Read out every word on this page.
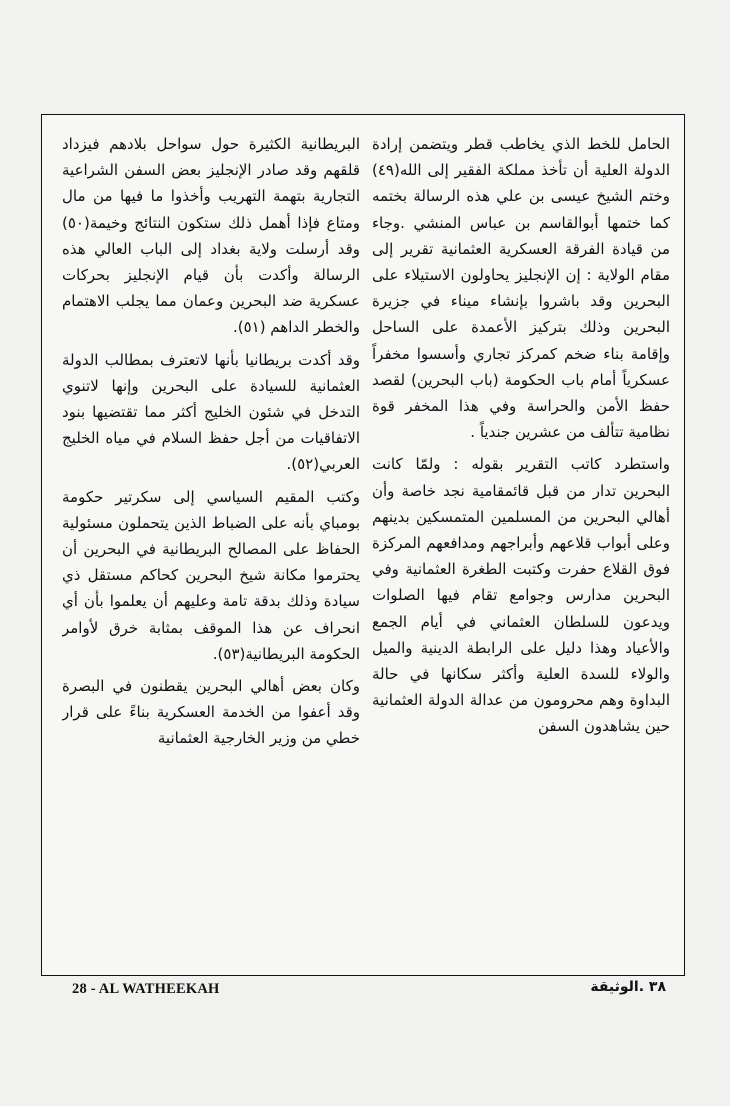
الحامل للخط الذي يخاطب قطر ويتضمن إرادة الدولة العلية أن تأخذ مملكة الفقير إلى الله(٤٩) وختم الشيخ عيسى بن علي هذه الرسالة بختمه كما ختمها أبوالقاسم بن عباس المنشي .وجاء من قيادة الفرقة العسكرية العثمانية تقرير إلى مقام الولاية : إن الإنجليز يحاولون الاستيلاء على البحرين وقد باشروا بإنشاء ميناء في جزيرة البحرين وذلك بتركيز الأعمدة على الساحل وإقامة بناء ضخم كمركز تجاري وأسسوا مخفراً عسكرياً أمام باب الحكومة (باب البحرين) لقصد حفظ الأمن والحراسة وفي هذا المخفر قوة نظامية تتألف من عشرين جندياً .

واستطرد كاتب التقرير بقوله : ولمّا كانت البحرين تدار من قبل قائمقامية نجد خاصة وأن أهالي البحرين من المسلمين المتمسكين بدينهم وعلى أبواب قلاعهم وأبراجهم ومدافعهم المركزة فوق القلاع حفرت وكتبت الطغرة العثمانية وفي البحرين مدارس وجوامع تقام فيها الصلوات ويدعون للسلطان العثماني في أيام الجمع والأعياد وهذا دليل على الرابطة الدينية والميل والولاء للسدة العلية وأكثر سكانها في حالة البداوة وهم محرومون من عدالة الدولة العثمانية حين يشاهدون السفن

البريطانية الكثيرة حول سواحل بلادهم فيزداد قلقهم وقد صادر الإنجليز بعض السفن الشراعية التجارية بتهمة التهريب وأخذوا ما فيها من مال ومتاع فإذا أهمل ذلك ستكون النتائج وخيمة(٥٠) وقد أرسلت ولاية بغداد إلى الباب العالي هذه الرسالة وأكدت بأن قيام الإنجليز بحركات عسكرية ضد البحرين وعمان مما يجلب الاهتمام والخطر الداهم (٥١).

وقد أكدت بريطانيا بأنها لاتعترف بمطالب الدولة العثمانية للسيادة على البحرين وإنها لاتنوي التدخل في شئون الخليج أكثر مما تقتضيها بنود الاتفاقيات من أجل حفظ السلام في مياه الخليج العربي(٥٢).

وكتب المقيم السياسي إلى سكرتير حكومة بومباي بأنه على الضباط الذين يتحملون مسئولية الحفاظ على المصالح البريطانية في البحرين أن يحترموا مكانة شيخ البحرين كحاكم مستقل ذي سيادة وذلك بدقة تامة وعليهم أن يعلموا بأن أي انحراف عن هذا الموقف بمثابة خرق لأوامر الحكومة البريطانية(٥٣).

وكان بعض أهالي البحرين يقطنون في البصرة وقد أعفوا من الخدمة العسكرية بناءً على قرار خطي من وزير الخارجية العثمانية

28 - AL WATHEEKAH	٣٨ .الوثيقة
